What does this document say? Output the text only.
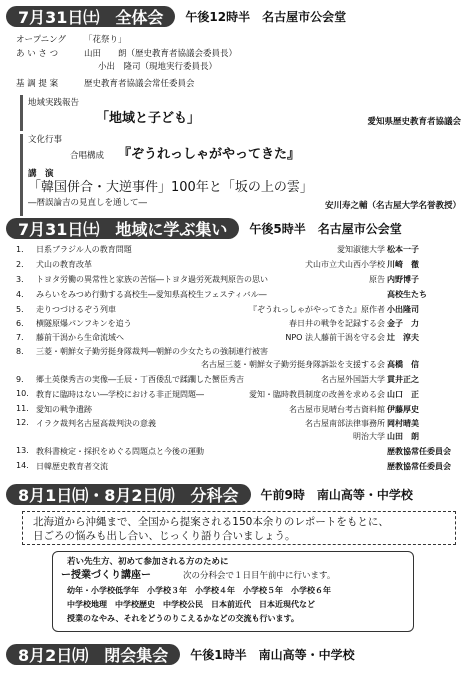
7月31日㈯　全体会	午後12時半　名古屋市公会堂
オープニング 「花祭り」
あ い さ つ	山田　　朗（歴史教育者協議会委員長）
小出　隆司（現地実行委員長）
基 調 提 案	歴史教育者協議会常任委員会
地域実践報告
「地域と子ども」	愛知県歴史教育者協議会
文化行事
合唱構成 『ぞうれっしゃがやってきた』
講　演
「韓国併合・大逆事件」100年と「坂の上の雲」
―暦誤論吉の見直しを通して―	安川寿之輔（名古屋大学名誉教授）
7月31日㈯　地域に学ぶ集い	午後5時半　名古屋市公会堂
1． 日系ブラジル人の教育問題	愛知淑徳大学 松本一子
2． 犬山の教育改革	犬山市立犬山西小学校 川崎　徹
3． トヨタ労働の異常性と家族の苦悩―トヨタ過労死裁判原告の思い	原告 内野博子
4． みらいをみつめ行動する高校生―愛知県高校生フェスティバル―	高校生たち
5． 走りつづけるぞう列車	『ぞうれっしゃがやってきた』原作者 小出隆司
6． 横隧原爆パンフキンを追う	春日井の戦争を記録する会 金子　力
7． 藤前干潟から生命流域へ	NPO 法人藤前干潟を守る会 辻　淳夫
8． 三菱・朝鮮女子勤労挺身隊裁判―朝鮮の少女たちの強制連行被害
名古屋三菱・朝鮮女子勤労挺身隊訴訟を支援する会 高橋　信
9． 郷土英傑秀吉の実像―壬辰・丁酉倭乱で蹂躙した蟹臣秀吉	名古屋外国語大学 貫井正之
10. 教育に臨時はない―学校における非正規問題―	愛知・臨時教員制度の改善を求める会 山口　正
11. 愛知の戦争遺跡	名古屋市見晴台考古資料館 伊藤厚史
12. イラク裁判名古屋高裁判決の意義	名古屋南部法律事務所 岡村晴美
明治大学 山田　朗
13. 教科書検定・採択をめぐる問題点と今後の運動	歴教協常任委員会
14. 日韓歴史教育者交流	歴教協常任委員会
8月1日㈰・8月2日㈪　分科会	午前9時　南山高等・中学校
北海道から沖縄まで、全国から提案される150本余りのレポートをもとに、
日ごろの悩みも出し合い、じっくり語り合いましょう。
若い先生方、初めて参加される方のために
ー授業づくり講座ー	次の分科会で１日目午前中に行います。
幼年・小学校低学年　小学校３年　小学校４年　小学校５年　小学校６年
中学校地理　中学校歴史　中学校公民　日本前近代　日本近現代など
授業のなやみ、それをどうのりこえるかなどの交流も行います。
8月2日㈪　閉会集会	午後1時半　南山高等・中学校
